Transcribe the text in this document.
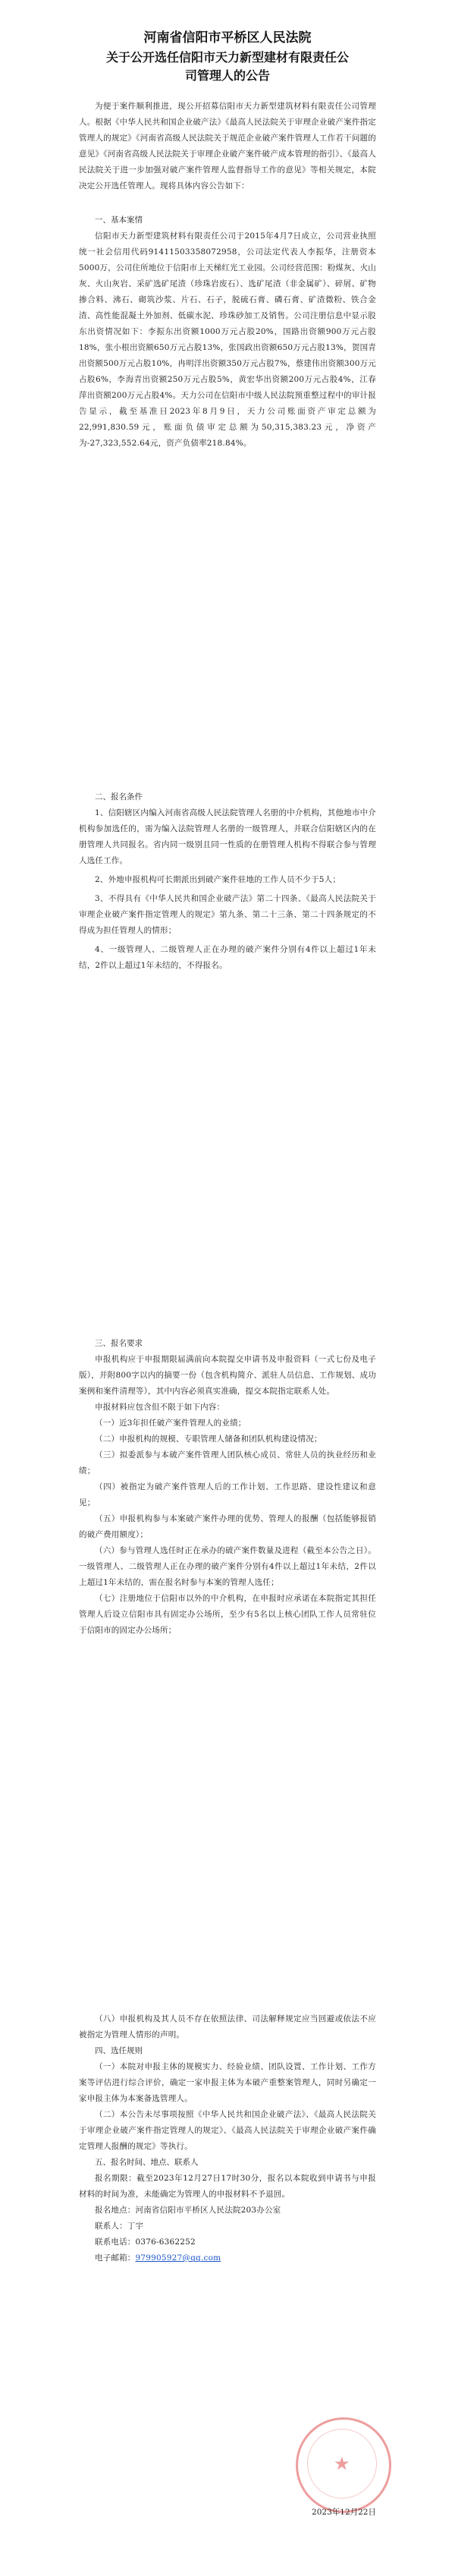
河南省信阳市平桥区人民法院
关于公开选任信阳市天力新型建材有限责任公
司管理人的公告

为便于案件顺利推进，现公开招募信阳市天力新型建筑材料有限责任公司管理人。根据《中华人民共和国企业破产法》《最高人民法院关于审理企业破产案件指定管理人的规定》《河南省高级人民法院关于规范企业破产案件管理人工作若干问题的意见》《河南省高级人民法院关于审理企业破产案件破产成本管理的指引》、《最高人民法院关于进一步加强对破产案件管理人监督指导工作的意见》等相关规定，本院决定公开选任管理人。现将具体内容公告如下：

一、基本案情

信阳市天力新型建筑材料有限责任公司于2015年4月7日成立，公司营业执照统一社会信用代码91411503358072958，公司法定代表人李振华，注册资本5000万，公司住所地位于信阳市上天梯红光工业园。公司经营范围：粉煤灰、火山灰、火山灰岩、采矿选矿尾渣（珍珠岩废石）、选矿尾渣（非金属矿）、碎屑、矿物掺合料、沸石、砌筑沙浆、片石、石子，脱硫石膏、磷石膏、矿渣微粉、铁合金渣、高性能混凝土外加剂、低碳水泥、珍珠砂加工及销售。公司注册信息中显示股东出资情况如下：李振东出资额1000万元占股20%，国路出资额900万元占股18%，张小根出资额650万元占股13%，张国政出资额650万元占股13%，贺国青出资额500万元占股10%，冉明洋出资额350万元占股7%，蔡建伟出资额300万元占股6%，李海青出资额250万元占股5%，黄宏华出资额200万元占股4%，江春萍出资额200万元占股4%。天力公司在信阳市中级人民法院预重整过程中的审计报告显示，截至基准日2023年8月9日，天力公司账面资产审定总额为22,991,830.59元，账面负债审定总额为50,315,383.23元，净资产为-27,323,552.64元，资产负债率218.84%。

二、报名条件

1、信阳辖区内编入河南省高级人民法院管理人名册的中介机构，其他地市中介机构参加选任的，需为编入法院管理人名册的一级管理人，并联合信阳辖区内的在册管理人共同报名。省内同一级别且同一性质的在册管理人机构不得联合参与管理人选任工作。

2、外地申报机构可长期派出到破产案件驻地的工作人员不少于5人；

3、不得具有《中华人民共和国企业破产法》第二十四条、《最高人民法院关于审理企业破产案件指定管理人的规定》第九条、第二十三条、第二十四条规定的不得成为担任管理人的情形；

4、一级管理人、二级管理人正在办理的破产案件分别有4件以上超过1年未结，2件以上超过1年未结的，不得报名。

三、报名要求

申报机构应于申报期限届满前向本院提交申请书及申报资料（一式七份及电子版），并附800字以内的摘要一份（包含机构简介、派驻人员信息、工作规划、成功案例和案件清理等），其中内容必须真实准确，提交本院指定联系人处。

申报材料应包含但不限于如下内容：

（一）近3年担任破产案件管理人的业绩；

（二）申报机构的规模、专职管理人储备和团队机构建设情况；

（三）拟委派参与本破产案件管理人团队核心成员、常驻人员的执业经历和业绩；

（四）被指定为破产案件管理人后的工作计划、工作思路、建设性建议和意见；

（五）申报机构参与本案破产案件办理的优势、管理人的报酬（包括能够报销的破产费用额度）；

（六）参与管理人选任时正在承办的破产案件数量及进程（截至本公告之日）。一级管理人、二级管理人正在办理的破产案件分别有4件以上超过1年未结，2件以上超过1年未结的，需在报名时参与本案的管理人选任；

（七）注册地位于信阳市以外的中介机构，在申报时应承诺在本院指定其担任管理人后设立信阳市具有固定办公场所，至少有5名以上核心团队工作人员常驻位于信阳市的固定办公场所；

（八）申报机构及其人员不存在依照法律、司法解释规定应当回避或依法不应被指定为管理人情形的声明。

四、选任规则

（一）本院对申报主体的规模实力、经验业绩、团队设置、工作计划、工作方案等评估进行综合评价，确定一家申报主体为本破产重整案管理人，同时另确定一家申报主体为本案备选管理人。

（二）本公告未尽事项按照《中华人民共和国企业破产法》、《最高人民法院关于审理企业破产案件指定管理人的规定》、《最高人民法院关于审理企业破产案件确定管理人报酬的规定》等执行。

五、报名时间、地点、联系人

报名期限：截至2023年12月27日17时30分，报名以本院收到申请书与申报材料的时间为准，未能确定为管理人的申报材料不予退回。

报名地点：河南省信阳市平桥区人民法院203办公室

联系人：丁宇

联系电话：0376-6362252

电子邮箱：979905927@qq.com

★
2023年12月22日
